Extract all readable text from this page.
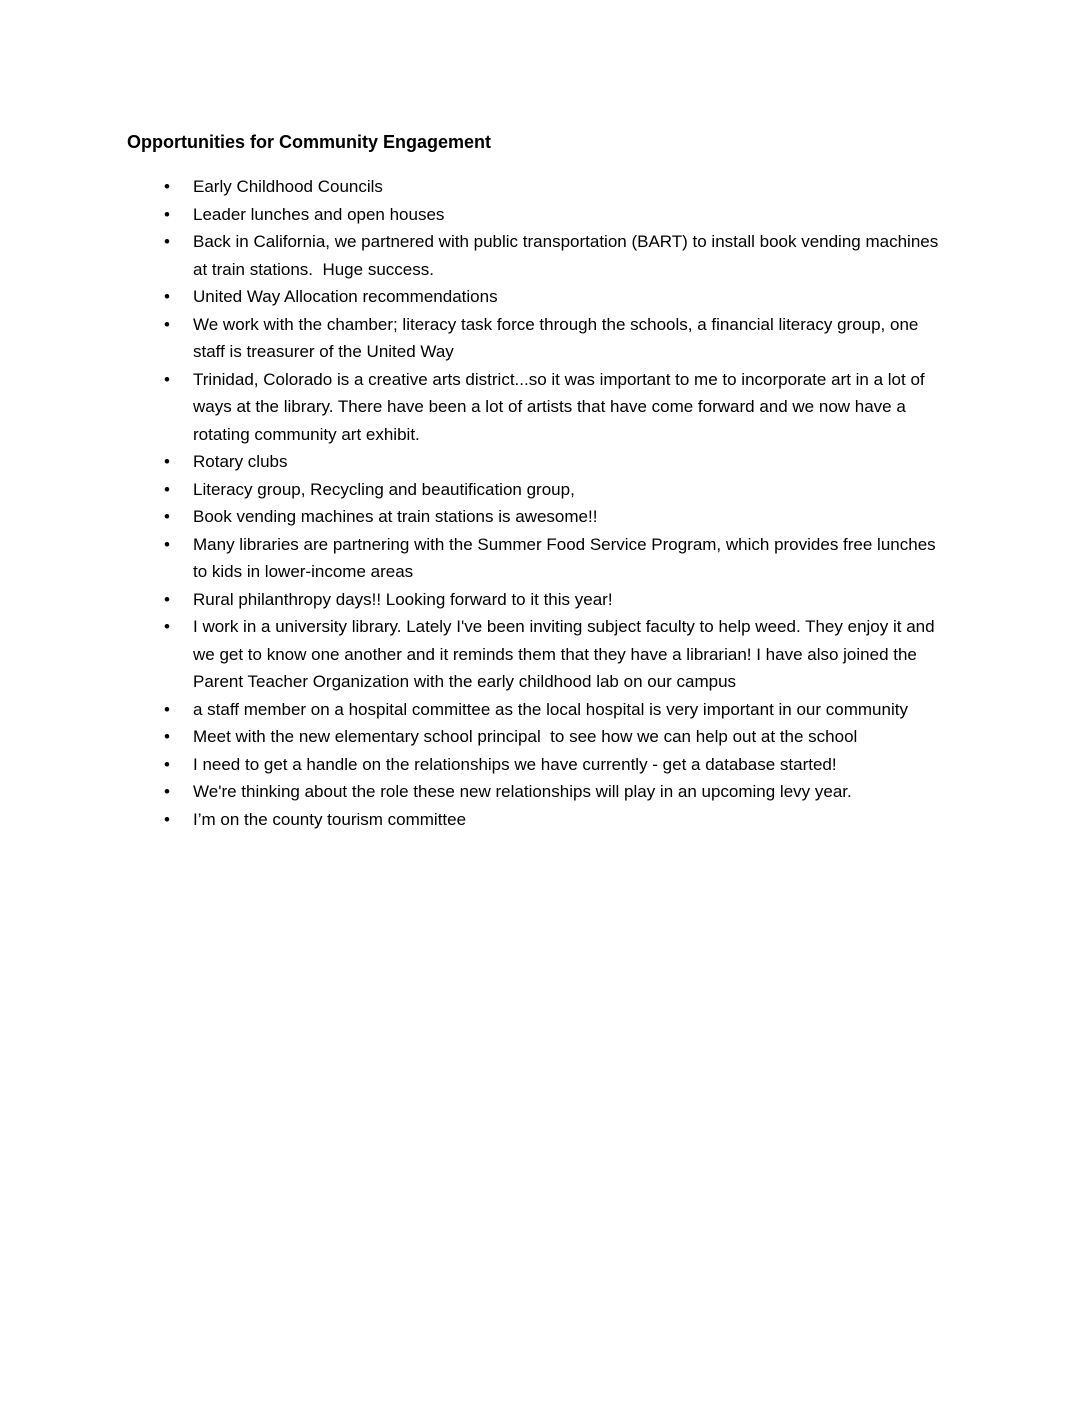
Opportunities for Community Engagement
• Early Childhood Councils
• Leader lunches and open houses
• Back in California, we partnered with public transportation (BART) to install book vending machines at train stations.  Huge success.
• United Way Allocation recommendations
• We work with the chamber; literacy task force through the schools, a financial literacy group, one staff is treasurer of the United Way
• Trinidad, Colorado is a creative arts district...so it was important to me to incorporate art in a lot of ways at the library. There have been a lot of artists that have come forward and we now have a rotating community art exhibit.
• Rotary clubs
• Literacy group, Recycling and beautification group,
• Book vending machines at train stations is awesome!!
• Many libraries are partnering with the Summer Food Service Program, which provides free lunches to kids in lower-income areas
• Rural philanthropy days!! Looking forward to it this year!
• I work in a university library. Lately I've been inviting subject faculty to help weed. They enjoy it and we get to know one another and it reminds them that they have a librarian! I have also joined the Parent Teacher Organization with the early childhood lab on our campus
• a staff member on a hospital committee as the local hospital is very important in our community
• Meet with the new elementary school principal  to see how we can help out at the school
• I need to get a handle on the relationships we have currently - get a database started!
• We're thinking about the role these new relationships will play in an upcoming levy year.
• I’m on the county tourism committee
